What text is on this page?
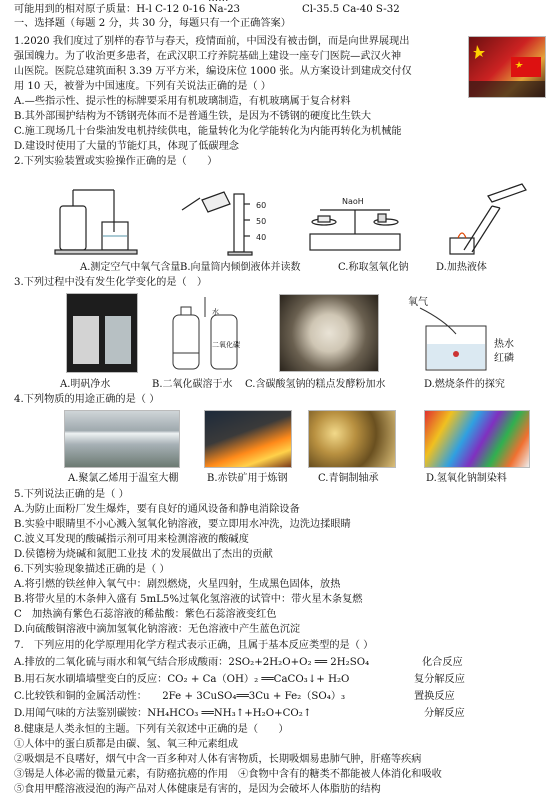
可能用到的相对原子质量：H-l C-12 0-16 Na-23	Cl-35.5 Ca-40 S-32
一、选择题（每题 2 分，共 30 分，每题只有一个正确答案）
1.2020 我们度过了别样的春节与春天，疫情面前，中国没有被击倒，而是向世界展现出
强国魄力。为了收治更多患者，在武汉职工疗养院基础上建设一座专门医院—武汉火神
山医院。医院总建筑面积 3.39 万平方米，编设床位 1000 张。从方案设计到建成交付仅
用 10 天，被誉为中国速度。下列有关说法正确的是（ ）
A.—些指示性、提示性的标牌要采用有机玻璃制造，有机玻璃属于复合材料
B.其外部围护结构为不锈钢壳体而不是普通生铁，是因为不锈钢的硬度比生铁大
C.施工现场几十台柴油发电机持续供电，能量转化为化学能转化为内能再转化为机械能
D.建设时使用了大量的节能灯具，体现了低碳理念
2.下列实验装置或实验操作正确的是（　　）
60
50
40
NaoH
A.测定空气中氧气含量 B.向量筒内倾倒液体并读数	C.称取氢氧化钠	D.加热液体
3.下列过程中没有发生化学变化的是（　）
水
二氧化碳
氧气
热水
红磷
A.明矾净水	B.二氧化碳溶于水 C.含碳酸氢钠的糕点发酵粉加水	D.燃烧条件的探究
4.下列物质的用途正确的是（ ）
A.聚氯乙烯用于温室大棚	B.赤铁矿用于炼钢	C.青铜制轴承	D.氢氧化钠制染料
5.下列说法正确的是（ ）
A.为防止面粉厂发生爆炸，要有良好的通风设备和静电消除设备
B.实验中眼睛里不小心溅入氢氧化钠溶液，要立即用水冲洗，边洗边揉眼睛
C.波义耳发现的酸碱指示剂可用来检测溶液的酸碱度
D.侯德榜为烧碱和氮肥工业技 术的发展做出了杰出的贡献
6.下列实验现象描述正确的是（ ）
A.将引燃的铁丝伸入氧气中：剧烈燃烧，火星四射，生成黑色固体，放热
B.将带火星的木条伸入盛有 5mL5%过氧化氢溶液的试管中：带火星木条复燃
C　加热滴有紫色石蕊溶液的稀盐酸：紫色石蕊溶液变红色
D.向硫酸铜溶液中滴加氢氧化钠溶液：无色溶液中产生蓝色沉淀
7.　下列应用的化学原理用化学方程式表示正确，且属于基本反应类型的是（ ）
A.排放的二氧化硫与雨水和氧气结合形成酸雨：2SO₂+2H₂O+O₂ ══ 2H₂SO₄	化合反应
B.用石灰水刷墙墙壁变白的反应：CO₂ + Ca（OH）₂ ══CaCO₃↓+ H₂O	复分解反应
C.比较铁和铜的金属活动性：　　2Fe + 3CuSO₄══3Cu + Fe₂（SO₄）₃	置换反应
D.用闻气味的方法鉴别碳铵：NH₄HCO₃ ══NH₃↑+H₂O+CO₂↑	分解反应
8.健康是人类永恒的主题。下列有关叙述中正确的是（　　）
①人体中的蛋白质都是由碳、氢、氧三种元素组成
②吸烟是不良嗜好，烟气中含一百多种对人体有害物质，长期吸烟易患肺气肿，肝癌等疾病
③锡是人体必需的微量元素，有防癌抗癌的作用　④食物中含有的糖类不都能被人体消化和吸收
⑤食用甲醛溶液浸泡的海产品对人体健康是有害的，是因为会破坏人体脂肪的结构
